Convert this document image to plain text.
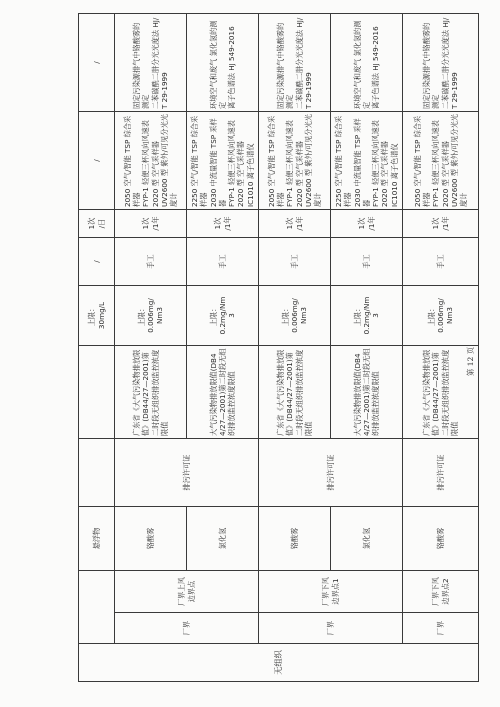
无组织			悬浮物			上限：
30mg/L	/	1次
/日	/	/
	厂界	厂界上风
边界点	铬酸雾	排污许可证	广东省《大气污染物排放限值》(DB44/27—2001)第二时段无组织排放监控浓度限值	上限：
0.006mg/
Nm3	手工	1次
/1年	2050 空气/智能 TSP 综合采样器
FYP-1 轻便三杯风向风速表
2020 型 空气采样器
UV2600 型 紫外/可见分光光度计	固定污染源排气中铬酸雾的测定
二苯碳酰二肼分光光度法 HJ/T 29-1999
			氯化氢		大气污染物排放限值(DB44/27—2001)第二时段无组织排放监控浓度限值	上限：
0.2mg/Nm
3	手工	1次
/1年	2250 空气/智能 TSP 综合采样器
2030 中流量智能 TSP 采样器
FYP-1 轻便三杯风向风速表
2020 型 空气采样器
IC1010 离子色谱仪	环境空气和废气 氯化氢的测定
离子色谱法 HJ 549-2016
	厂界	厂界下风
边界点1	铬酸雾	排污许可证	广东省《大气污染物排放限值》(DB44/27—2001)第二时段无组织排放监控浓度限值	上限：
0.006mg/
Nm3	手工	1次
/1年	2050 空气/智能 TSP 综合采样器
FYP-1 轻便三杯风向风速表
2020 型 空气采样器
UV2600 型 紫外/可见分光光度计	固定污染源排气中铬酸雾的测定
二苯碳酰二肼分光光度法 HJ/T 29-1999
			氯化氢		大气污染物排放限值(DB44/27—2001)第二时段无组织排放监控浓度限值	上限：
0.2mg/Nm
3	手工	1次
/1年	2250 空气/智能 TSP 综合采样器
2030 中流量智能 TSP 采样器
FYP-1 轻便三杯风向风速表
2020 型 空气采样器
IC1010 离子色谱仪	环境空气和废气 氯化氢的测定
离子色谱法 HJ 549-2016
	厂界	厂界下风
边界点2	铬酸雾	排污许可证	广东省《大气污染物排放限值》(DB44/27—2001)第二时段无组织排放监控浓度限值	上限：
0.006mg/
Nm3	手工	1次
/1年	2050 空气/智能 TSP 综合采样器
FYP-1 轻便三杯风向风速表
2020 型 空气采样器
UV2600 型 紫外/可见分光光度计	固定污染源排气中铬酸雾的测定
二苯碳酰二肼分光光度法 HJ/T 29-1999
第 12 页
